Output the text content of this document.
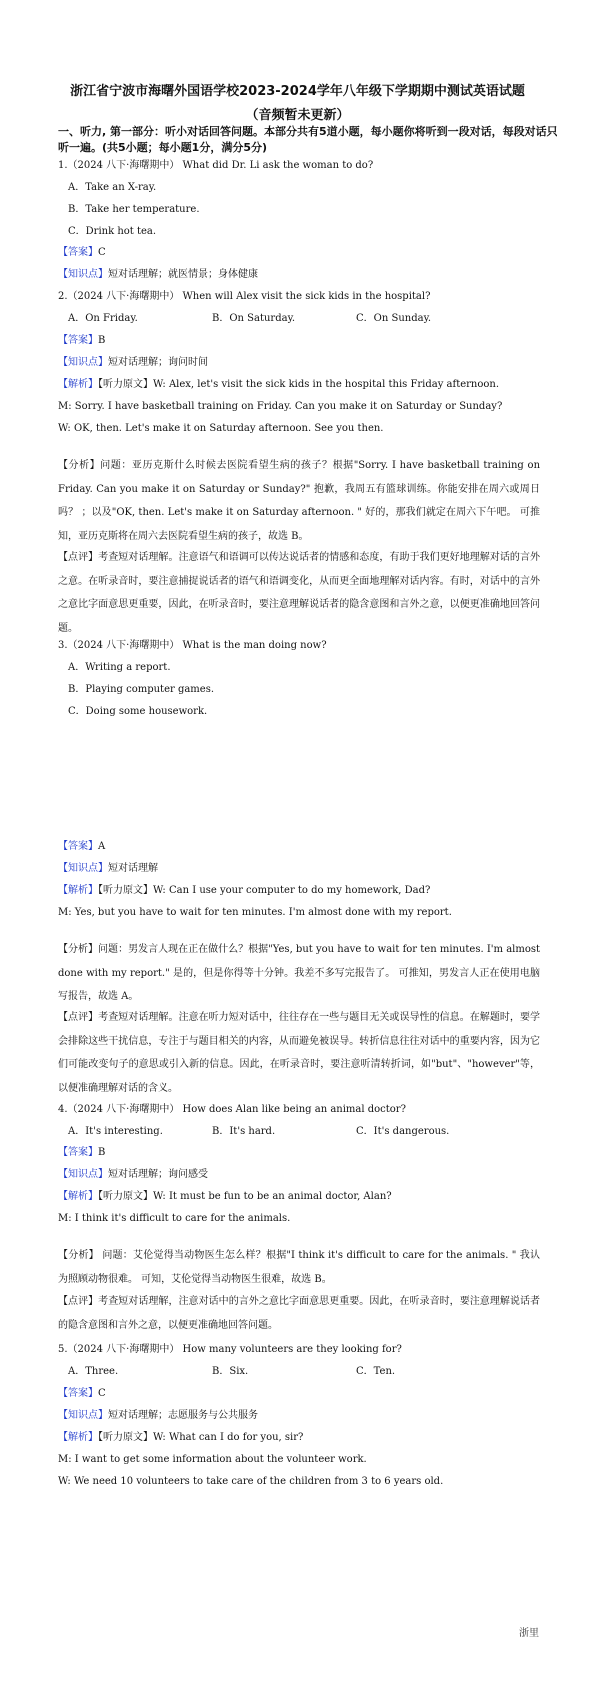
浙江省宁波市海曙外国语学校2023-2024学年八年级下学期期中测试英语试题
（音频暂未更新）
一、听力, 第一部分：听小对话回答问题。本部分共有5道小题，每小题你将听到一段对话，每段对话只听一遍。(共5小题；每小题1分，满分5分)
1.（2024 八下·海曙期中） What did Dr. Li ask the woman to do?
A．Take an X-ray.
B．Take her temperature.
C．Drink hot tea.
【答案】C
【知识点】短对话理解；就医情景；身体健康
2.（2024 八下·海曙期中） When will Alex visit the sick kids in the hospital?
A．On Friday.	B．On Saturday.	C．On Sunday.
【答案】B
【知识点】短对话理解；询问时间
【解析】【听力原文】W: Alex, let's visit the sick kids in the hospital this Friday afternoon.
M: Sorry. I have basketball training on Friday. Can you make it on Saturday or Sunday?
W: OK, then. Let's make it on Saturday afternoon. See you then.
【分析】问题：亚历克斯什么时候去医院看望生病的孩子？根据"Sorry. I have basketball training on Friday. Can you make it on Saturday or Sunday?" 抱歉，我周五有篮球训练。你能安排在周六或周日吗？ ；以及"OK, then. Let's make it on Saturday afternoon. " 好的，那我们就定在周六下午吧。 可推知，亚历克斯将在周六去医院看望生病的孩子，故选 B。
【点评】考查短对话理解。注意语气和语调可以传达说话者的情感和态度，有助于我们更好地理解对话的言外之意。在听录音时，要注意捕捉说话者的语气和语调变化，从而更全面地理解对话内容。有时，对话中的言外之意比字面意思更重要，因此，在听录音时，要注意理解说话者的隐含意图和言外之意，以便更准确地回答问题。
3.（2024 八下·海曙期中） What is the man doing now?
A．Writing a report.
B．Playing computer games.
C．Doing some housework.
【答案】A
【知识点】短对话理解
【解析】【听力原文】W: Can I use your computer to do my homework, Dad?
M: Yes, but you have to wait for ten minutes. I'm almost done with my report.
【分析】问题：男发言人现在正在做什么？根据"Yes, but you have to wait for ten minutes. I'm almost done with my report." 是的，但是你得等十分钟。我差不多写完报告了。 可推知，男发言人正在使用电脑写报告，故选 A。
【点评】考查短对话理解。注意在听力短对话中，往往存在一些与题目无关或误导性的信息。在解题时，要学会排除这些干扰信息，专注于与题目相关的内容，从而避免被误导。转折信息往往对话中的重要内容，因为它们可能改变句子的意思或引入新的信息。因此，在听录音时，要注意听清转折词，如"but"、"however"等，以便准确理解对话的含义。
4.（2024 八下·海曙期中） How does Alan like being an animal doctor?
A．It's interesting.	B．It's hard.	C．It's dangerous.
【答案】B
【知识点】短对话理解；询问感受
【解析】【听力原文】W: It must be fun to be an animal doctor, Alan?
M: I think it's difficult to care for the animals.
【分析】 问题：艾伦觉得当动物医生怎么样？根据"I think it's difficult to care for the animals. " 我认为照顾动物很难。 可知，艾伦觉得当动物医生很难，故选 B。
【点评】考查短对话理解，注意对话中的言外之意比字面意思更重要。因此，在听录音时，要注意理解说话者的隐含意图和言外之意，以便更准确地回答问题。
5.（2024 八下·海曙期中） How many volunteers are they looking for?
A．Three.	B．Six.	C．Ten.
【答案】C
【知识点】短对话理解；志愿服务与公共服务
【解析】【听力原文】W: What can I do for you, sir?
M: I want to get some information about the volunteer work.
W: We need 10 volunteers to take care of the children from 3 to 6 years old.
浙里
